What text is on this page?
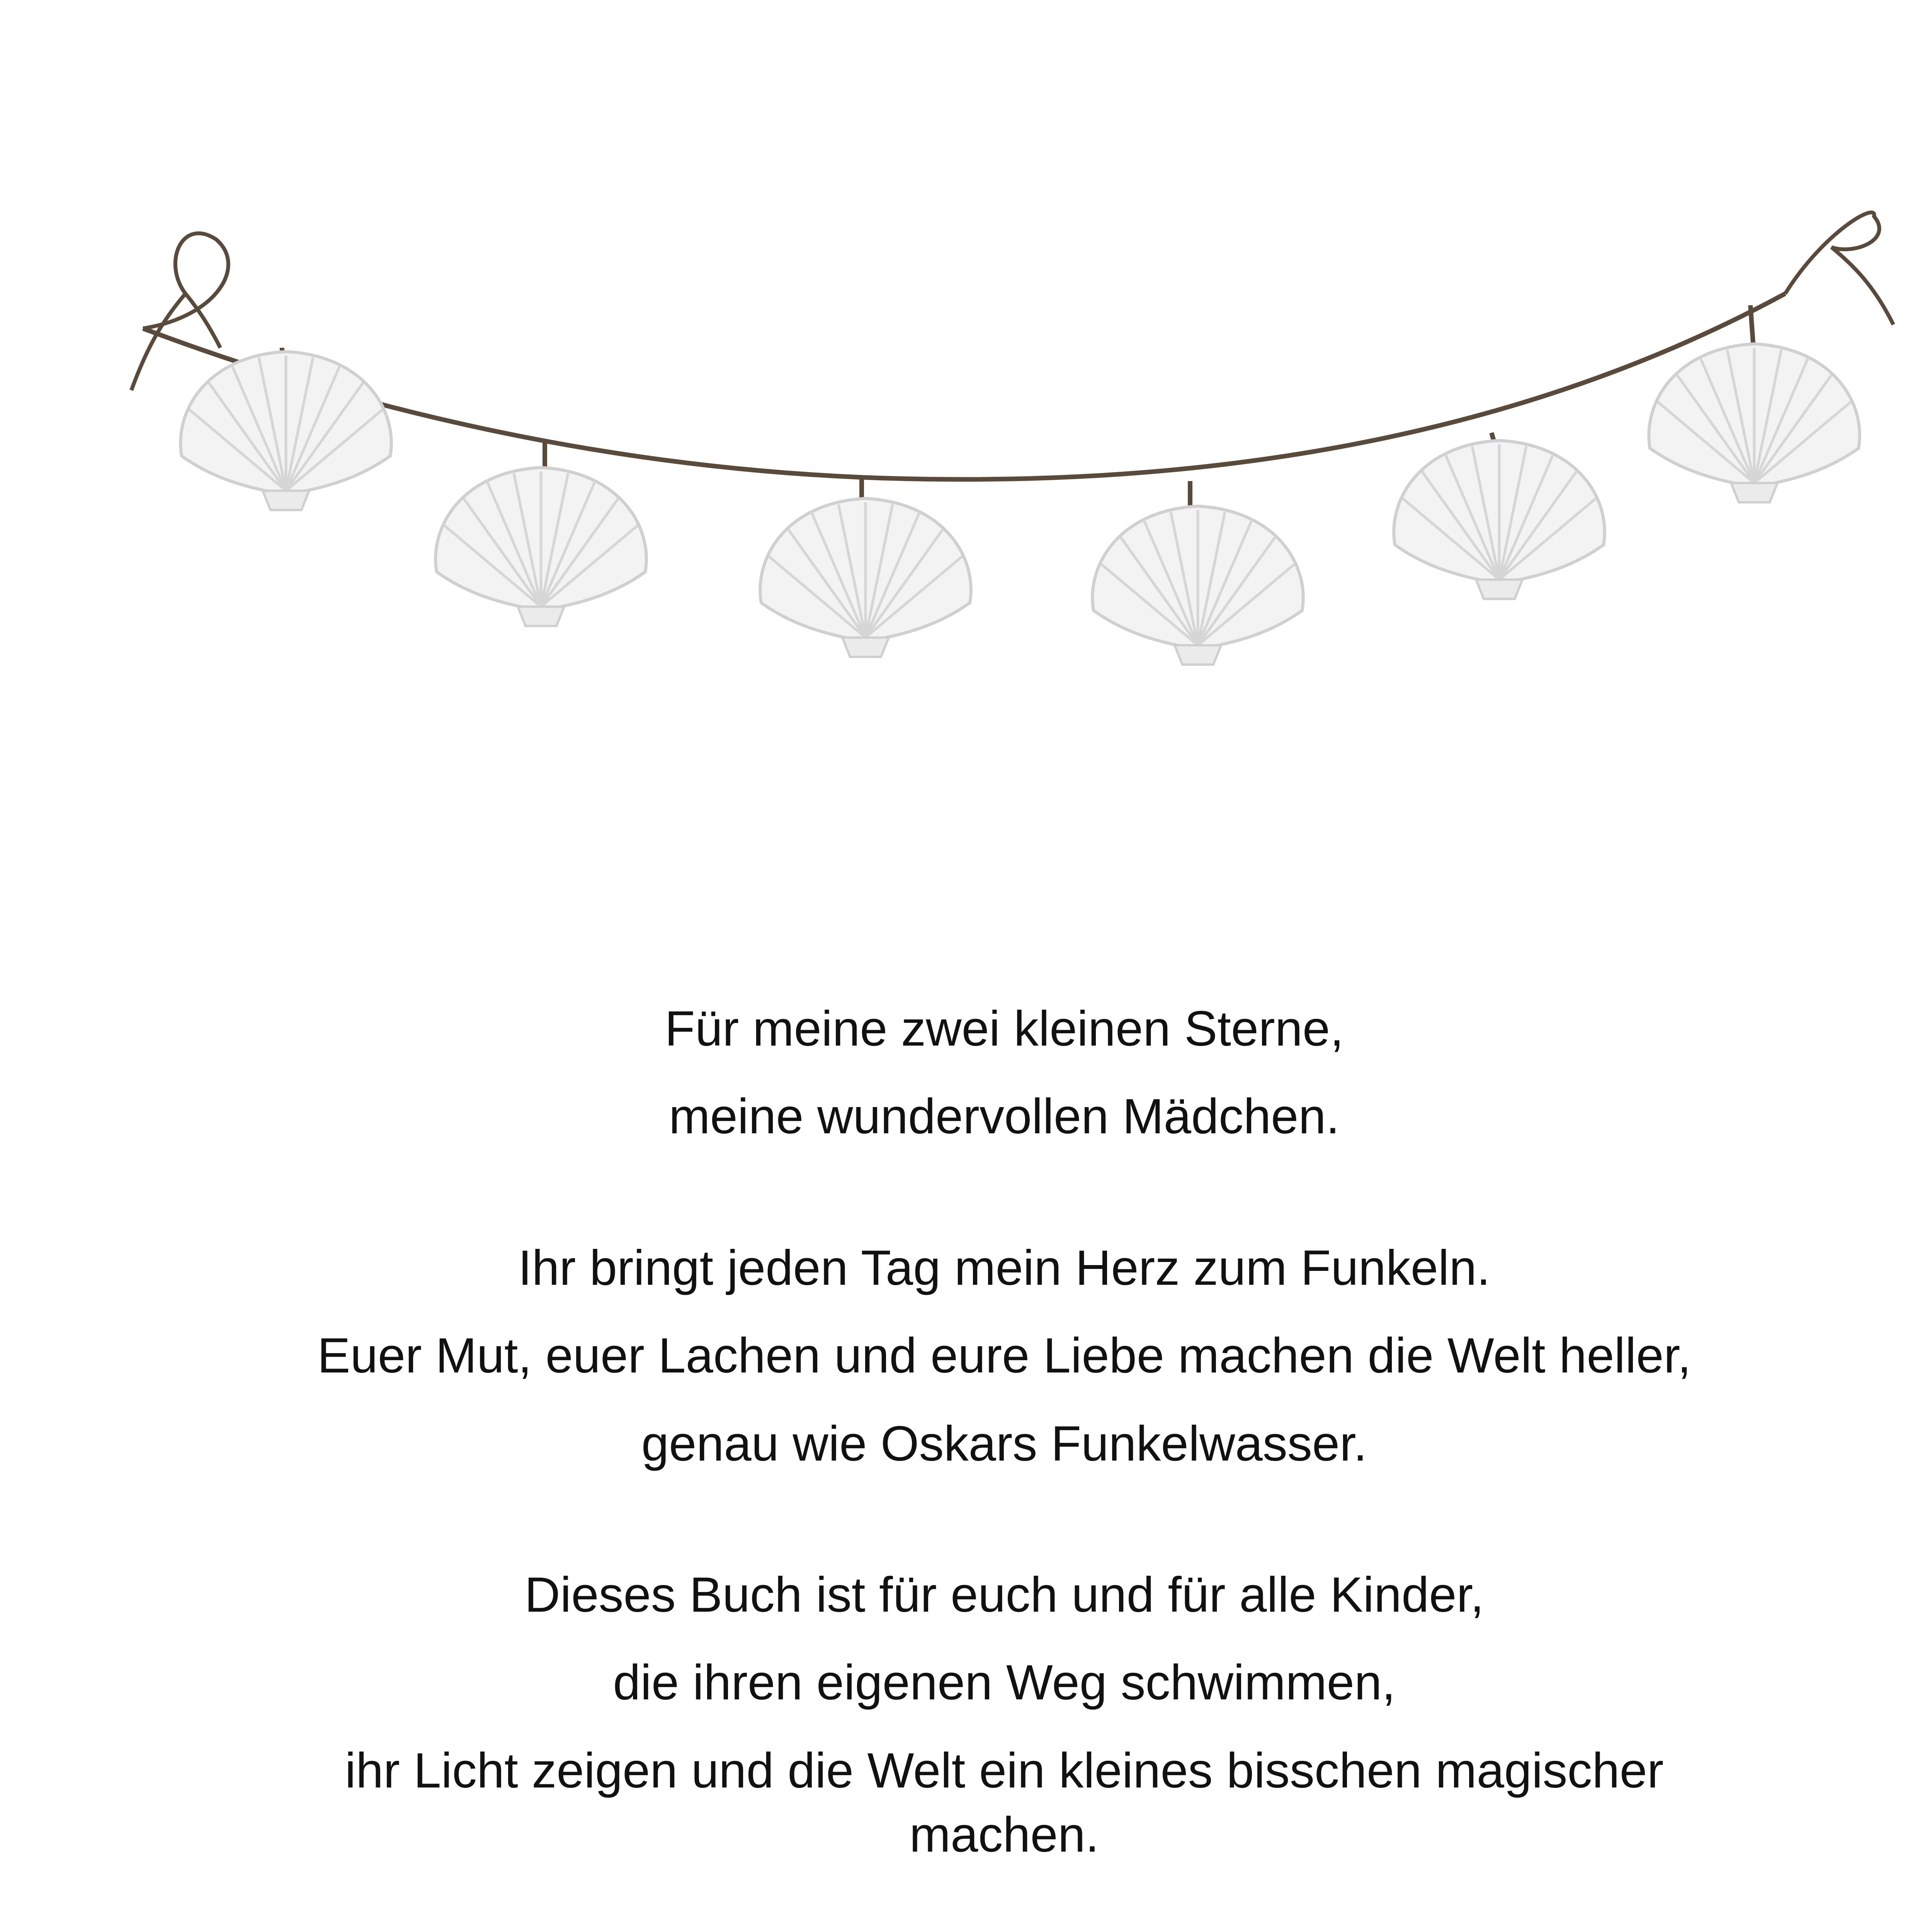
Für meine zwei kleinen Sterne,
meine wundervollen Mädchen.
Ihr bringt jeden Tag mein Herz zum Funkeln.
Euer Mut, euer Lachen und eure Liebe machen die Welt heller,
genau wie Oskars Funkelwasser.
Dieses Buch ist für euch und für alle Kinder,
die ihren eigenen Weg schwimmen,
ihr Licht zeigen und die Welt ein kleines bisschen magischer machen.
